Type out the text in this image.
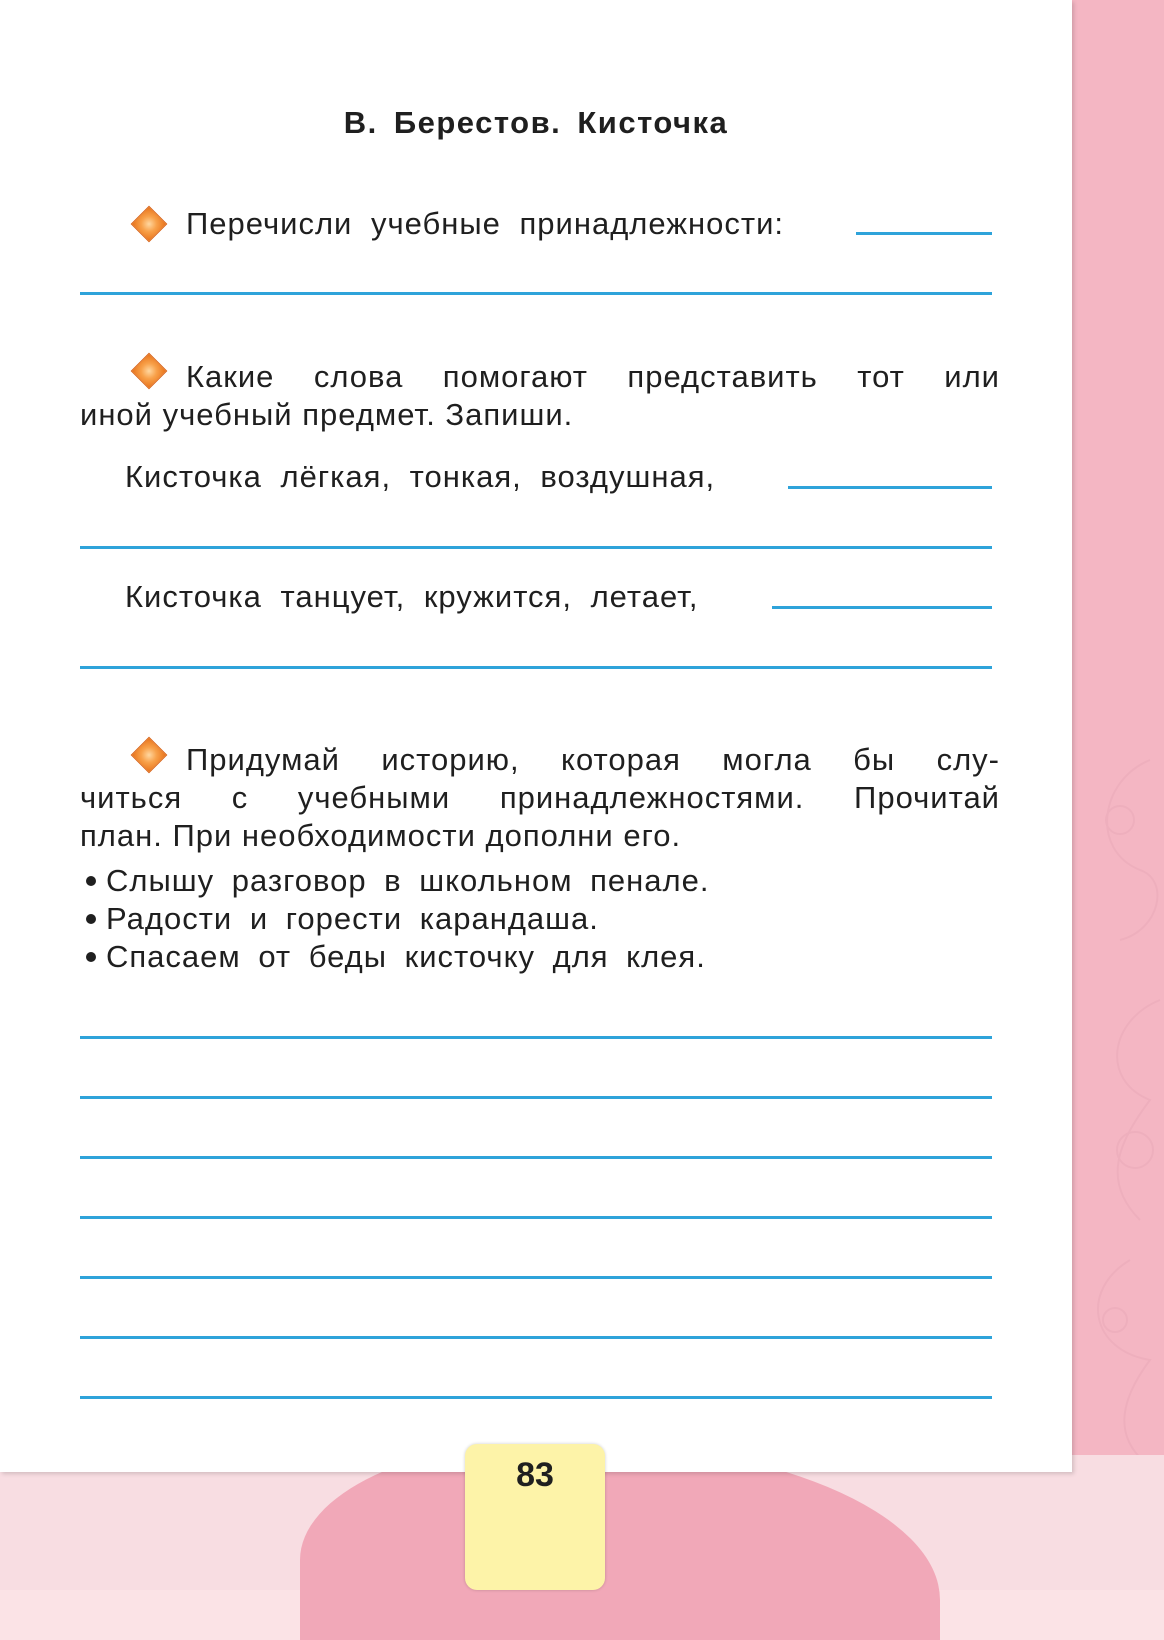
В. Берестов. Кисточка
Перечисли учебные принадлежности:
Какие слова помогают представить тот или
иной учебный предмет. Запиши.
Кисточка лёгкая, тонкая, воздушная,
Кисточка танцует, кружится, летает,
Придумай историю, которая могла бы слу-
читься с учебными принадлежностями. Прочитай
план. При необходимости дополни его.
Слышу разговор в школьном пенале.
Радости и горести карандаша.
Спасаем от беды кисточку для клея.
83
